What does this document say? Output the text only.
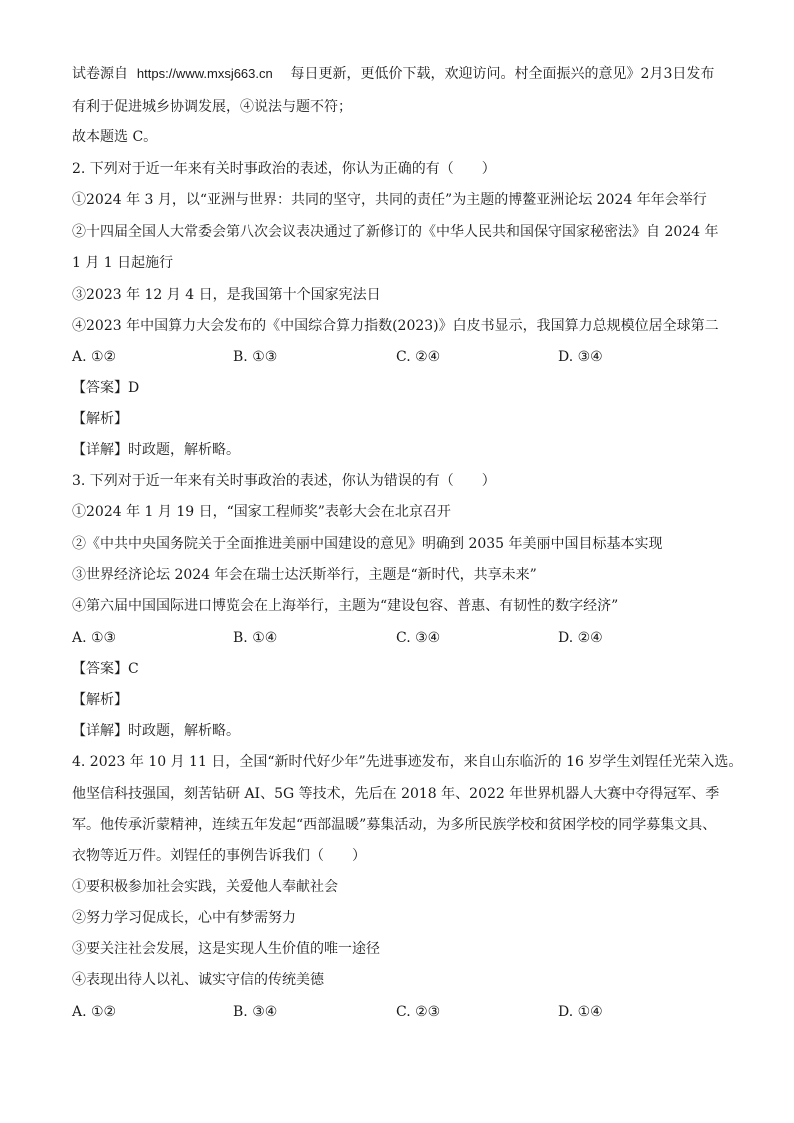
试卷源自 https://www.mxsj663.cn 每日更新，更低价下载，欢迎访问。村全面振兴的意见》2月3日发布
有利于促进城乡协调发展，④说法与题不符；
故本题选 C。
2. 下列对于近一年来有关时事政治的表述，你认为正确的有（　　）
①2024 年 3 月，以“亚洲与世界：共同的坚守，共同的责任”为主题的博鳌亚洲论坛 2024 年年会举行
②十四届全国人大常委会第八次会议表决通过了新修订的《中华人民共和国保守国家秘密法》自 2024 年
1 月 1 日起施行
③2023 年 12 月 4 日，是我国第十个国家宪法日
④2023 年中国算力大会发布的《中国综合算力指数(2023)》白皮书显示，我国算力总规模位居全球第二
A. ①②	B. ①③	C. ②④	D. ③④
【答案】D
【解析】
【详解】时政题，解析略。
3. 下列对于近一年来有关时事政治的表述，你认为错误的有（　　）
①2024 年 1 月 19 日，“国家工程师奖”表彰大会在北京召开
②《中共中央国务院关于全面推进美丽中国建设的意见》明确到 2035 年美丽中国目标基本实现
③世界经济论坛 2024 年会在瑞士达沃斯举行，主题是“新时代，共享未来”
④第六届中国国际进口博览会在上海举行，主题为“建设包容、普惠、有韧性的数字经济”
A. ①③	B. ①④	C. ③④	D. ②④
【答案】C
【解析】
【详解】时政题，解析略。
4. 2023 年 10 月 11 日，全国“新时代好少年”先进事迹发布，来自山东临沂的 16 岁学生刘锃任光荣入选。
他坚信科技强国，刻苦钻研 AI、5G 等技术，先后在 2018 年、2022 年世界机器人大赛中夺得冠军、季
军。他传承沂蒙精神，连续五年发起“西部温暖”募集活动，为多所民族学校和贫困学校的同学募集文具、
衣物等近万件。刘锃任的事例告诉我们（　　）
①要积极参加社会实践，关爱他人奉献社会
②努力学习促成长，心中有梦需努力
③要关注社会发展，这是实现人生价值的唯一途径
④表现出待人以礼、诚实守信的传统美德
A. ①②	B. ③④	C. ②③	D. ①④
